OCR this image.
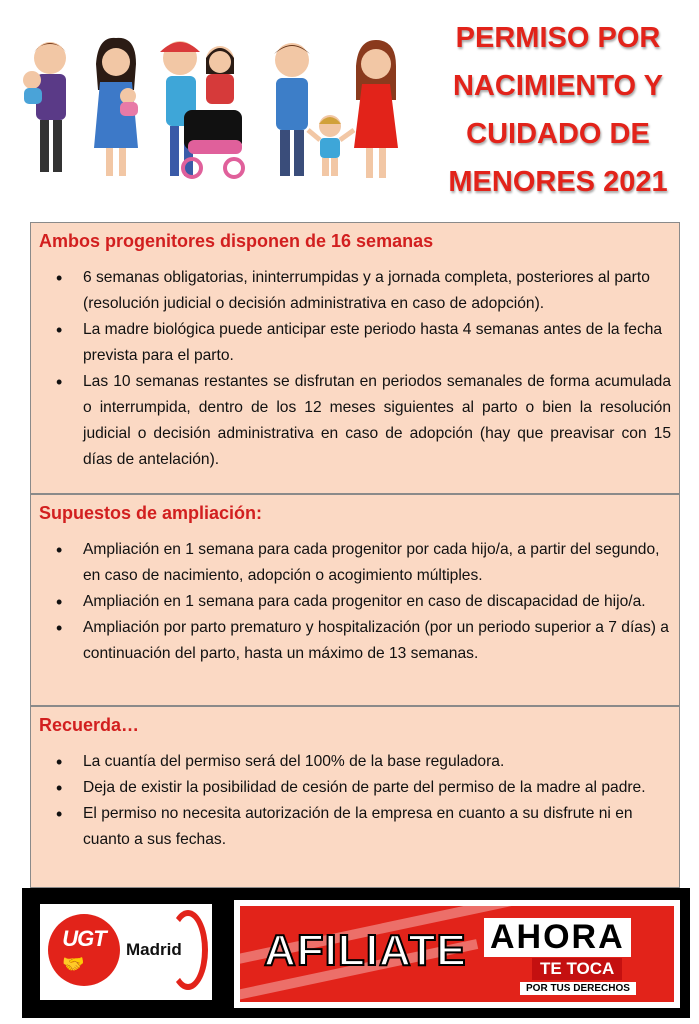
PERMISO POR
NACIMIENTO Y
CUIDADO DE
MENORES 2021
Ambos progenitores disponen de 16 semanas
• 6 semanas obligatorias, ininterrumpidas y a jornada completa, posteriores al parto (resolución judicial o decisión administrativa en caso de adopción).
• La madre biológica puede anticipar este periodo hasta 4 semanas antes de la fecha prevista para el parto.
• Las 10 semanas restantes se disfrutan en periodos semanales de forma acumulada o interrumpida, dentro de los 12 meses siguientes al parto o bien la resolución judicial o decisión administrativa en caso de adopción (hay que preavisar con 15 días de antelación).
Supuestos de ampliación:
• Ampliación en 1 semana para cada progenitor por cada hijo/a, a partir del segundo, en caso de nacimiento, adopción o acogimiento múltiples.
• Ampliación en 1 semana para cada progenitor en caso de discapacidad de hijo/a.
• Ampliación por parto prematuro y hospitalización (por un periodo superior a 7 días) a continuación del parto, hasta un máximo de 13 semanas.
Recuerda…
• La cuantía del permiso será del 100% de la base reguladora.
• Deja de existir la posibilidad de cesión de parte del permiso de la madre al padre.
• El permiso no necesita autorización de la empresa en cuanto a su disfrute ni en cuanto a sus fechas.
UGT
🤝
Madrid AFILIATE AHORA
TE TOCA
POR TUS DERECHOS
